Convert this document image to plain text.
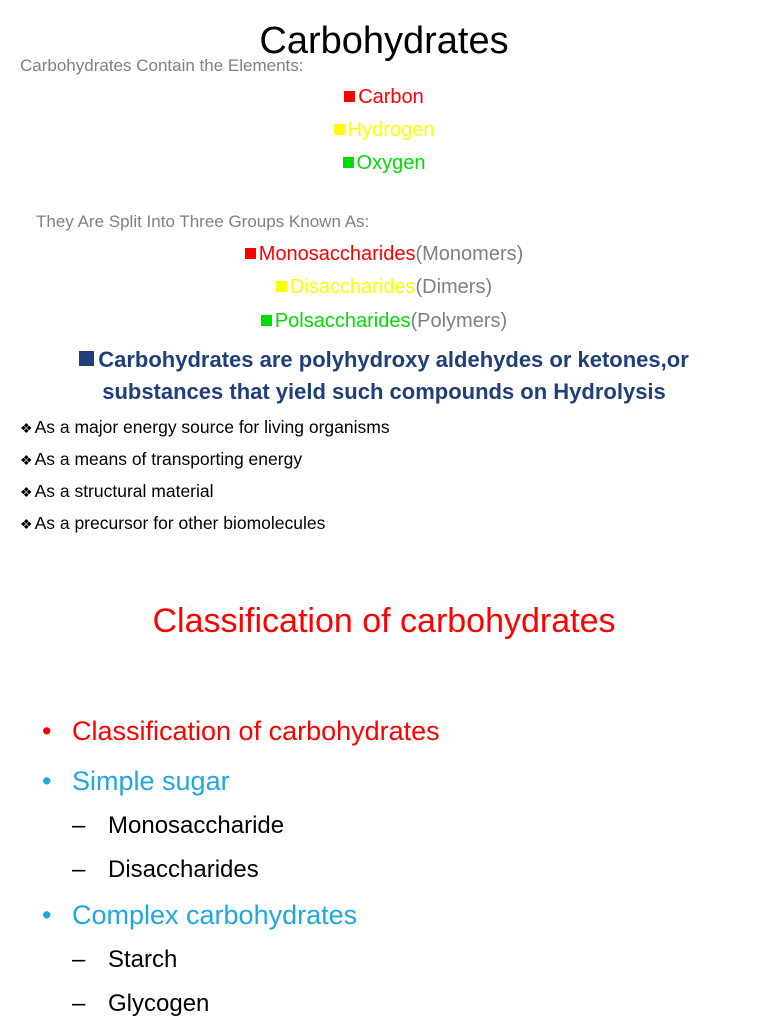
Carbohydrates
Carbohydrates Contain the Elements:
Carbon
Hydrogen
Oxygen
They Are Split Into Three Groups Known As:
Monosaccharides(Monomers)
Disaccharides(Dimers)
Polsaccharides(Polymers)
Carbohydrates are polyhydroxy aldehydes or ketones,or
substances that yield such compounds on Hydrolysis
❖ As a major energy source for living organisms
❖ As a means of transporting energy
❖ As a structural material
❖ As a precursor for other biomolecules
Classification of carbohydrates
• Classification of carbohydrates
• Simple sugar
– Monosaccharide
– Disaccharides
• Complex carbohydrates
– Starch
– Glycogen
